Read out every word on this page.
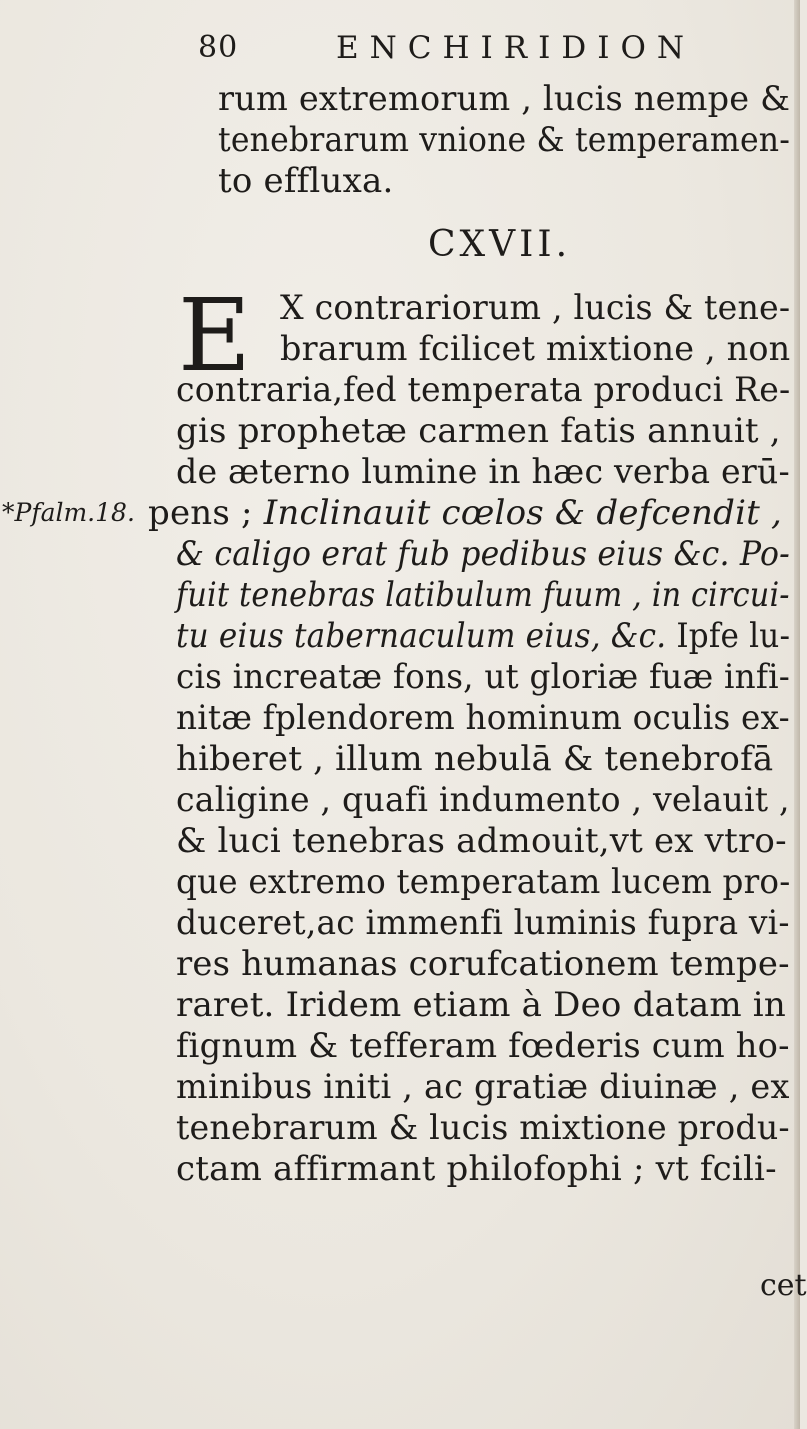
80	ENCHIRIDION
rum extremorum , lucis nempe &
tenebrarum vnione & temperamen-
to effluxa.
CXVII.
E X contrariorum , lucis & tene-
brarum fcilicet mixtione , non
contraria,fed temperata produci Re-
gis prophetæ carmen fatis annuit ,
de æterno lumine in hæc verba erū-
*Pfalm.18. pens ; Inclinauit cœlos & defcendit ,
& caligo erat fub pedibus eius &c. Po-
fuit tenebras latibulum fuum , in circui-
tu eius tabernaculum eius, &c. Ipfe lu-
cis increatæ fons, ut gloriæ fuæ infi-
nitæ fplendorem hominum oculis ex-
hiberet , illum nebulā & tenebrofā
caligine , quafi indumento , velauit ,
& luci tenebras admouit,vt ex vtro-
que extremo temperatam lucem pro-
duceret,ac immenfi luminis fupra vi-
res humanas corufcationem tempe-
raret. Iridem etiam à Deo datam in
fignum & tefferam fœderis cum ho-
minibus initi , ac gratiæ diuinæ , ex
tenebrarum & lucis mixtione produ-
ctam affirmant philofophi ; vt fcili-
cet
